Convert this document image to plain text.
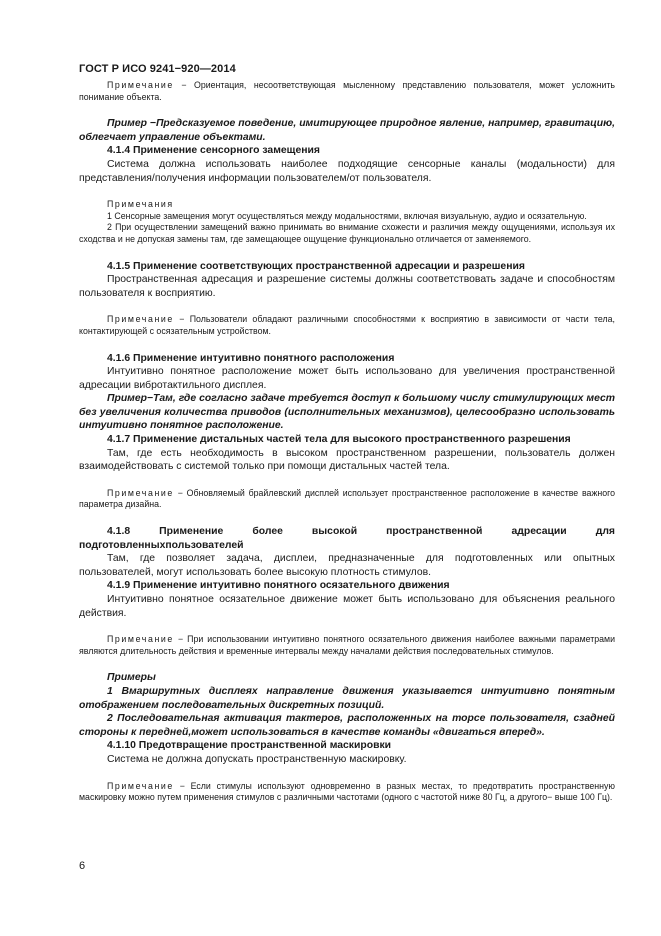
ГОСТ Р ИСО 9241−920—2014

Примечание − Ориентация, несоответствующая мысленному представлению пользователя, может усложнить понимание объекта.

Пример −Предсказуемое поведение, имитирующее природное явление, например, гравитацию, облегчает управление объектами.

4.1.4 Применение сенсорного замещения

Система должна использовать наиболее подходящие сенсорные каналы (модальности) для представления/получения информации пользователем/от пользователя.

Примечания

1 Сенсорные замещения могут осуществляться между модальностями, включая визуальную, аудио и осязательную.

2 При осуществлении замещений важно принимать во внимание схожести и различия между ощущениями, используя их сходства и не допуская замены там, где замещающее ощущение функционально отличается от заменяемого.

4.1.5 Применение соответствующих пространственной адресации и разрешения

Пространственная адресация и разрешение системы должны соответствовать задаче и способностям пользователя к восприятию.

Примечание − Пользователи обладают различными способностями к восприятию в зависимости от части тела, контактирующей с осязательным устройством.

4.1.6 Применение интуитивно понятного расположения

Интуитивно понятное расположение может быть использовано для увеличения пространственной адресации вибротактильного дисплея.

Пример−Там, где согласно задаче требуется доступ к большому числу стимулирующих мест без увеличения количества приводов (исполнительных механизмов), целесообразно использовать интуитивно понятное расположение.

4.1.7 Применение дистальных частей тела для высокого пространственного разрешения

Там, где есть необходимость в высоком пространственном разрешении, пользователь должен взаимодействовать с системой только при помощи дистальных частей тела.

Примечание − Обновляемый брайлевский дисплей использует пространственное расположение в качестве важного параметра дизайна.

4.1.8 Применение более высокой пространственной адресации для подготовленныхпользователей

Там, где позволяет задача, дисплеи, предназначенные для подготовленных или опытных пользователей, могут использовать более высокую плотность стимулов.

4.1.9 Применение интуитивно понятного осязательного движения

Интуитивно понятное осязательное движение может быть использовано для объяснения реального действия.

Примечание − При использовании интуитивно понятного осязательного движения наиболее важными параметрами являются длительность действия и временные интервалы между началами действия последовательных стимулов.

Примеры

1 Вмаршрутных дисплеях направление движения указывается интуитивно понятным отображением последовательных дискретных позиций.

2 Последовательная активация тактеров, расположенных на торсе пользователя, сзадней стороны к передней,может использоваться в качестве команды «двигаться вперед».

4.1.10 Предотвращение пространственной маскировки

Система не должна допускать пространственную маскировку.

Примечание − Если стимулы используют одновременно в разных местах, то предотвратить пространственную маскировку можно путем применения стимулов с различными частотами (одного с частотой ниже 80 Гц, а другого− выше 100 Гц).

6
